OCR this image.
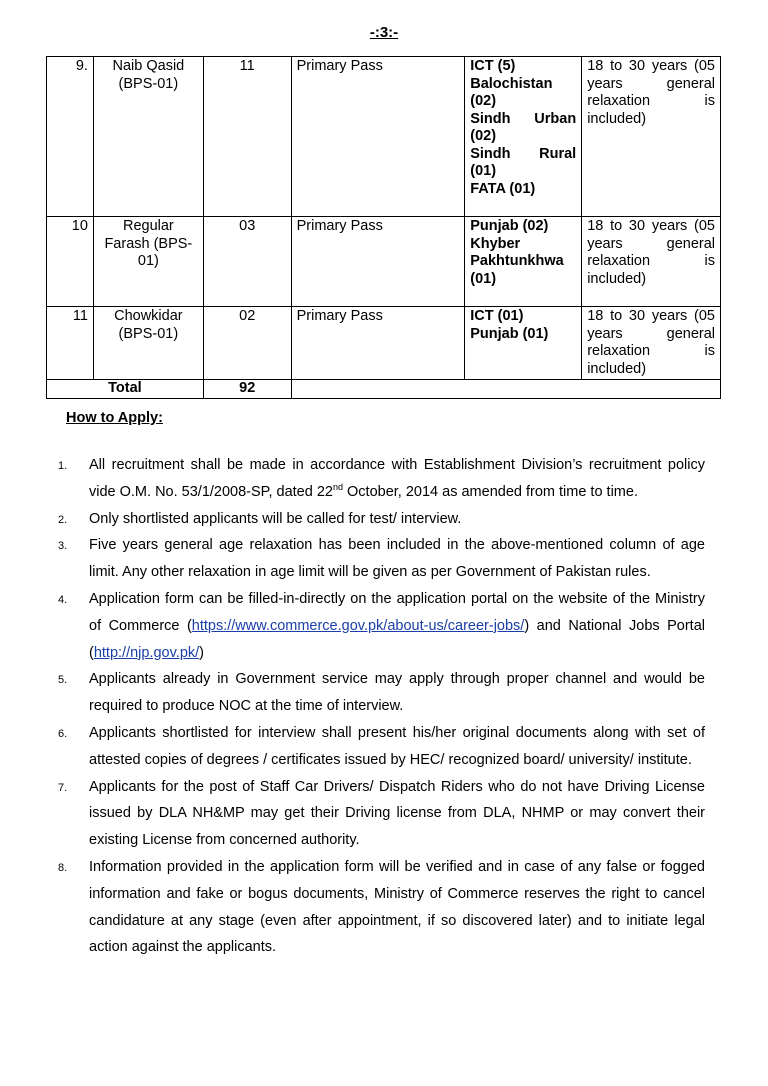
-:3:-
9.	Naib Qasid (BPS-01)	11	Primary Pass	ICT (5)
Balochistan (02)
Sindh Urban (02)
Sindh Rural (01)
FATA (01)	18 to 30 years (05 years general relaxation is included)
10	Regular Farash (BPS-01)	03	Primary Pass	Punjab (02)
Khyber Pakhtunkhwa (01)	18 to 30 years (05 years general relaxation is included)
11	Chowkidar (BPS-01)	02	Primary Pass	ICT (01)
Punjab (01)	18 to 30 years (05 years general relaxation is included)
Total		92			
How to Apply:
1. All recruitment shall be made in accordance with Establishment Division’s recruitment policy vide O.M. No. 53/1/2008-SP, dated 22nd October, 2014 as amended from time to time.
2. Only shortlisted applicants will be called for test/ interview.
3. Five years general age relaxation has been included in the above-mentioned column of age limit. Any other relaxation in age limit will be given as per Government of Pakistan rules.
4. Application form can be filled-in-directly on the application portal on the website of the Ministry of Commerce (https://www.commerce.gov.pk/about-us/career-jobs/) and National Jobs Portal (http://njp.gov.pk/)
5. Applicants already in Government service may apply through proper channel and would be required to produce NOC at the time of interview.
6. Applicants shortlisted for interview shall present his/her original documents along with set of attested copies of degrees / certificates issued by HEC/ recognized board/ university/ institute.
7. Applicants for the post of Staff Car Drivers/ Dispatch Riders who do not have Driving License issued by DLA NH&MP may get their Driving license from DLA, NHMP or may convert their existing License from concerned authority.
8. Information provided in the application form will be verified and in case of any false or fogged information and fake or bogus documents, Ministry of Commerce reserves the right to cancel candidature at any stage (even after appointment, if so discovered later) and to initiate legal action against the applicants.
